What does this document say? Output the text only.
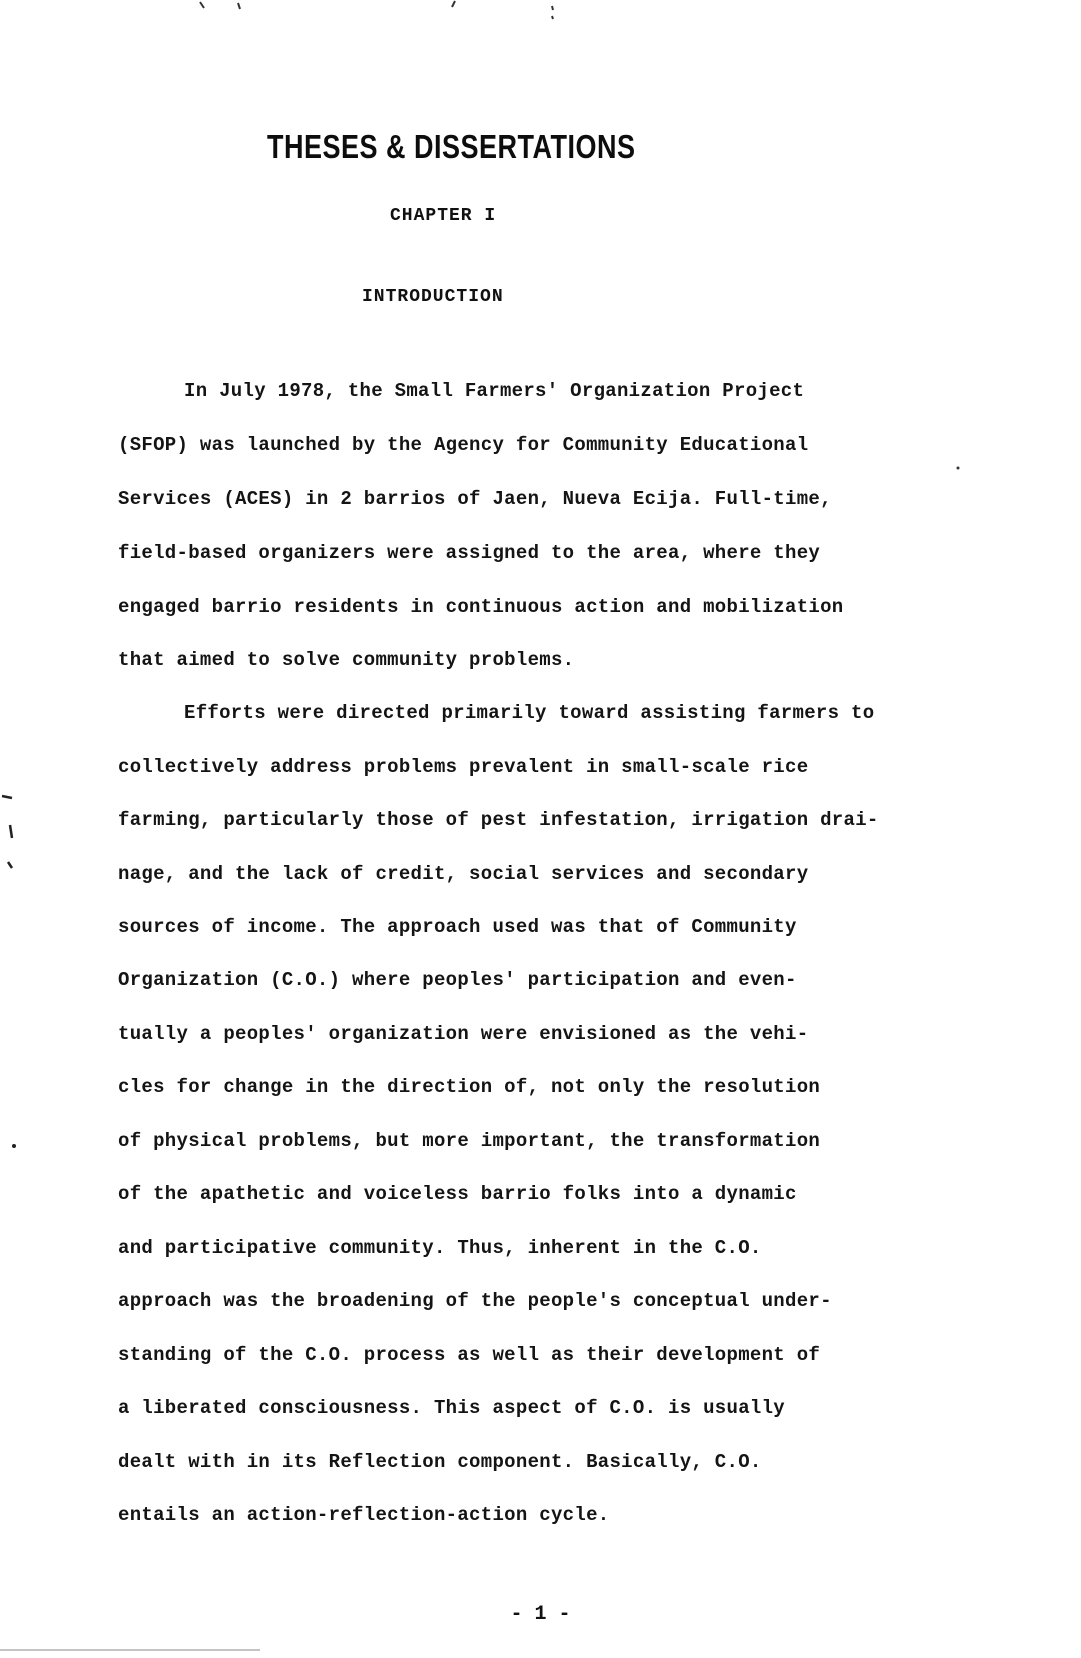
THESES & DISSERTATIONS
CHAPTER I
INTRODUCTION
In July 1978, the Small Farmers' Organization Project
(SFOP) was launched by the Agency for Community Educational
Services (ACES) in 2 barrios of Jaen, Nueva Ecija. Full-time,
field-based organizers were assigned to the area, where they
engaged barrio residents in continuous action and mobilization
that aimed to solve community problems.
Efforts were directed primarily toward assisting farmers to
collectively address problems prevalent in small-scale rice
farming, particularly those of pest infestation, irrigation drai-
nage, and the lack of credit, social services and secondary
sources of income. The approach used was that of Community
Organization (C.O.) where peoples' participation and even-
tually a peoples' organization were envisioned as the vehi-
cles for change in the direction of, not only the resolution
of physical problems, but more important, the transformation
of the apathetic and voiceless barrio folks into a dynamic
and participative community. Thus, inherent in the C.O.
approach was the broadening of the people's conceptual under-
standing of the C.O. process as well as their development of
a liberated consciousness. This aspect of C.O. is usually
dealt with in its Reflection component. Basically, C.O.
entails an action-reflection-action cycle.
- 1 -
